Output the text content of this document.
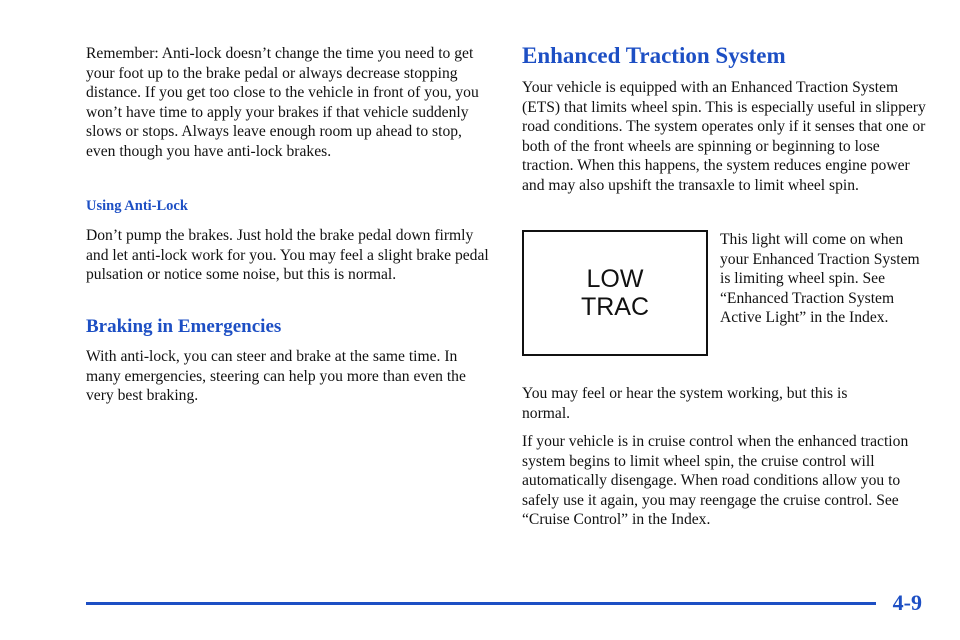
Remember: Anti-lock doesn’t change the time you need to get your foot up to the brake pedal or always decrease stopping distance. If you get too close to the vehicle in front of you, you won’t have time to apply your brakes if that vehicle suddenly slows or stops. Always leave enough room up ahead to stop, even though you have anti-lock brakes.

Using Anti-Lock

Don’t pump the brakes. Just hold the brake pedal down firmly and let anti-lock work for you. You may feel a slight brake pedal pulsation or notice some noise, but this is normal.

Braking in Emergencies

With anti-lock, you can steer and brake at the same time. In many emergencies, steering can help you more than even the very best braking.

Enhanced Traction System

Your vehicle is equipped with an Enhanced Traction System (ETS) that limits wheel spin. This is especially useful in slippery road conditions. The system operates only if it senses that one or both of the front wheels are spinning or beginning to lose traction. When this happens, the system reduces engine power and may also upshift the transaxle to limit wheel spin.

LOW
TRAC

This light will come on when your Enhanced Traction System is limiting wheel spin. See “Enhanced Traction System Active Light” in the Index.

You may feel or hear the system working, but this is normal.

If your vehicle is in cruise control when the enhanced traction system begins to limit wheel spin, the cruise control will automatically disengage. When road conditions allow you to safely use it again, you may reengage the cruise control. See “Cruise Control” in the Index.

4-9
